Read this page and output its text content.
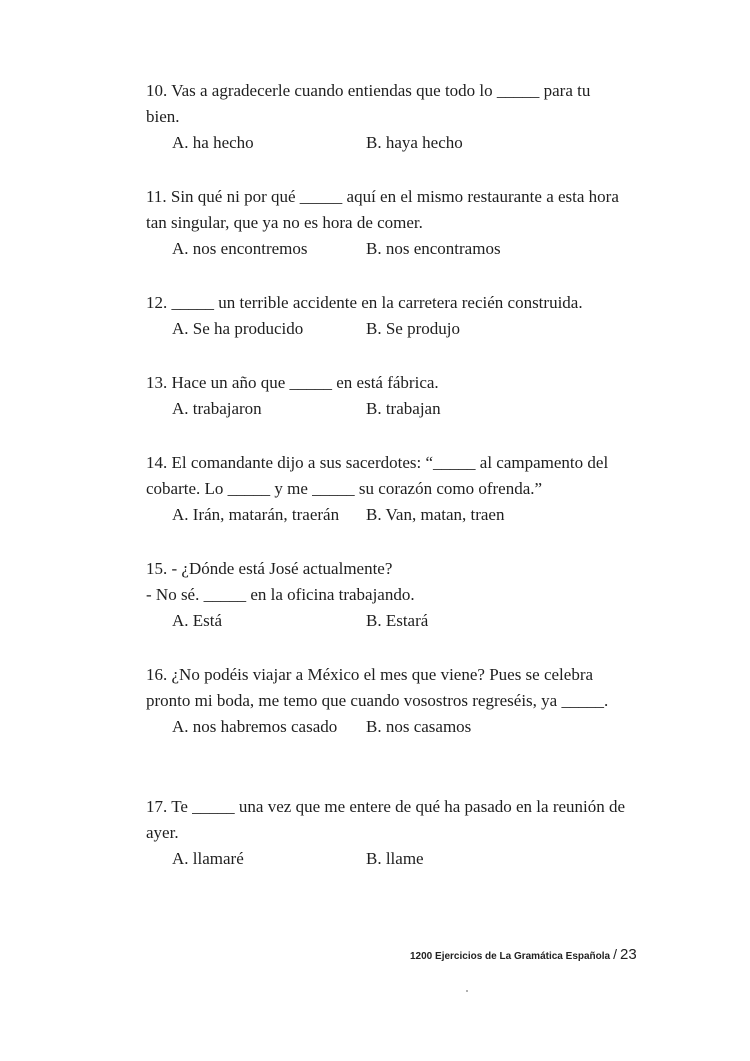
10. Vas a agradecerle cuando entiendas que todo lo _____ para tu bien.
A. ha hecho	B. haya hecho
11. Sin qué ni por qué _____ aquí en el mismo restaurante a esta hora tan singular, que ya no es hora de comer.
A. nos encontremos	B. nos encontramos
12. _____ un terrible accidente en la carretera recién construida.
A. Se ha producido	B. Se produjo
13. Hace un año que _____ en está fábrica.
A. trabajaron	B. trabajan
14. El comandante dijo a sus sacerdotes: “_____ al campamento del cobarte. Lo _____ y me _____ su corazón como ofrenda.”
A. Irán, matarán, traerán B. Van, matan, traen
15. - ¿Dónde está José actualmente?
- No sé. _____ en la oficina trabajando.
A. Está	B. Estará
16. ¿No podéis viajar a México el mes que viene? Pues se celebra pronto mi boda, me temo que cuando vosostros regreséis, ya _____.
A. nos habremos casado B. nos casamos
17. Te _____ una vez que me entere de qué ha pasado en la reunión de ayer.
A. llamaré	B. llame
1200 Ejercicios de La Gramática Española / 23
